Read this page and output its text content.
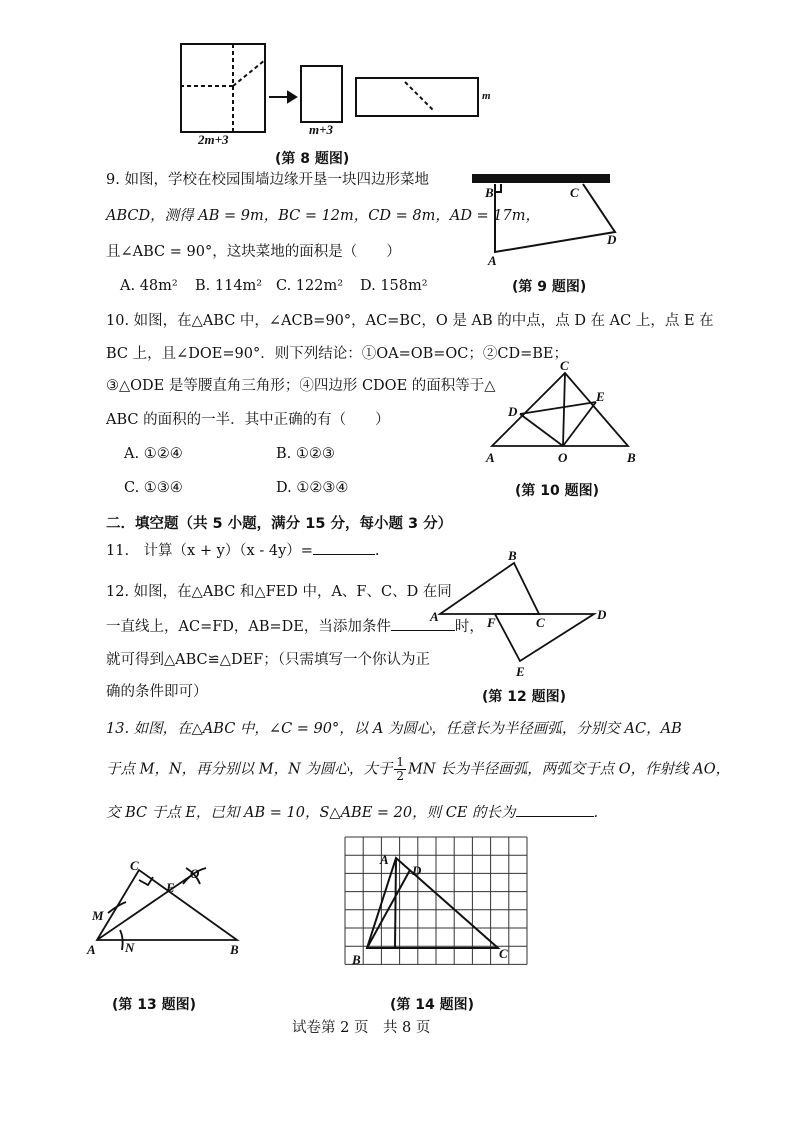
2m+3
m+3
m
(第 8 题图)
9. 如图，学校在校园围墙边缘开垦一块四边形菜地
ABCD，测得 AB = 9m，BC = 12m，CD = 8m，AD = 17m，
且∠ABC = 90°，这块菜地的面积是（　　）
A. 48m² B. 114m² C. 122m² D. 158m²
B	C
D
A
(第 9 题图)
10. 如图，在△ABC 中，∠ACB=90°，AC=BC，O 是 AB 的中点，点 D 在 AC 上，点 E 在
BC 上，且∠DOE=90°．则下列结论：①OA=OB=OC；②CD=BE；
③△ODE 是等腰直角三角形；④四边形 CDOE 的面积等于△
ABC 的面积的一半．其中正确的有（　　）
A. ①②④	B. ①②③
C. ①③④	D. ①②③④
C
D
E
A	O	B
(第 10 题图)
二．填空题（共 5 小题，满分 15 分，每小题 3 分）
11.　计算（x + y）（x - 4y）=	.
12. 如图，在△ABC 和△FED 中，A、F、C、D 在同
一直线上，AC=FD，AB=DE，当添加条件	时，
就可得到△ABC≌△DEF；（只需填写一个你认为正
确的条件即可）
B
A	F	C
D
E
(第 12 题图)
13. 如图，在△ABC 中，∠C = 90°，以 A 为圆心，任意长为半径画弧，分别交 AC，AB
于点 M，N，再分别以 M，N 为圆心，大于 $\frac{1}{2}$ MN 长为半径画弧，两弧交于点 O，作射线 AO，
交 BC 于点 E，已知 AB = 10，S△ABE = 20，则 CE 的长为	.
C
E
O
M
A N	B
(第 13 题图)
A
D
B	C
(第 14 题图)
试卷第 2 页　共 8 页
